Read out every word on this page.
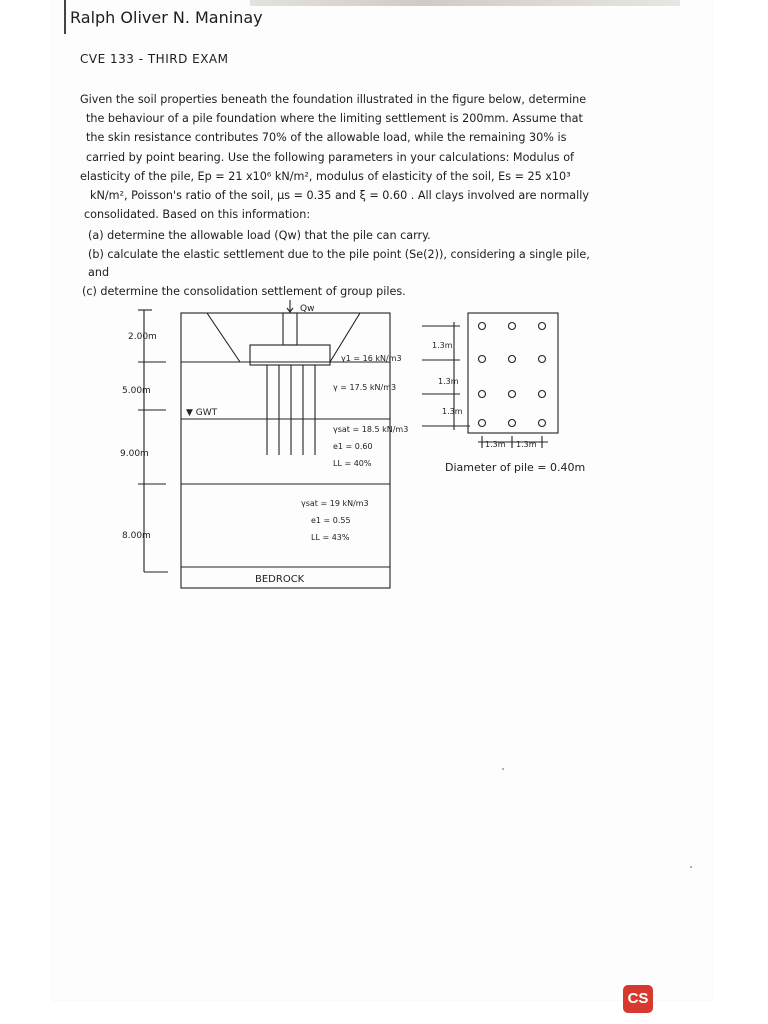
Ralph Oliver N. Maninay
CVE 133 - THIRD EXAM
Given the soil properties beneath the foundation illustrated in the figure below, determine
the behaviour of a pile foundation where the limiting settlement is 200mm. Assume that
the skin resistance contributes 70% of the allowable load, while the remaining 30% is
carried by point bearing. Use the following parameters in your calculations: Modulus of
elasticity of the pile, Ep = 21 x10⁶ kN/m², modulus of elasticity of the soil, Es = 25 x10³
kN/m², Poisson's ratio of the soil, μs = 0.35 and ξ = 0.60 . All clays involved are normally
consolidated. Based on this information:
(a) determine the allowable load (Qw) that the pile can carry.
(b) calculate the elastic settlement due to the pile point (Se(2)), considering a single pile,
and
(c) determine the consolidation settlement of group piles.
Qw
2.00m
5.00m
9.00m
8.00m
▼ GWT
γ1 = 16 kN/m3
γ = 17.5 kN/m3
γsat = 18.5 kN/m3
e1 = 0.60
LL = 40%
γsat = 19 kN/m3
e1 = 0.55
LL = 43%
BEDROCK
1.3m
1.3m
1.3m
1.3m 1.3m
Diameter of pile = 0.40m
CS
